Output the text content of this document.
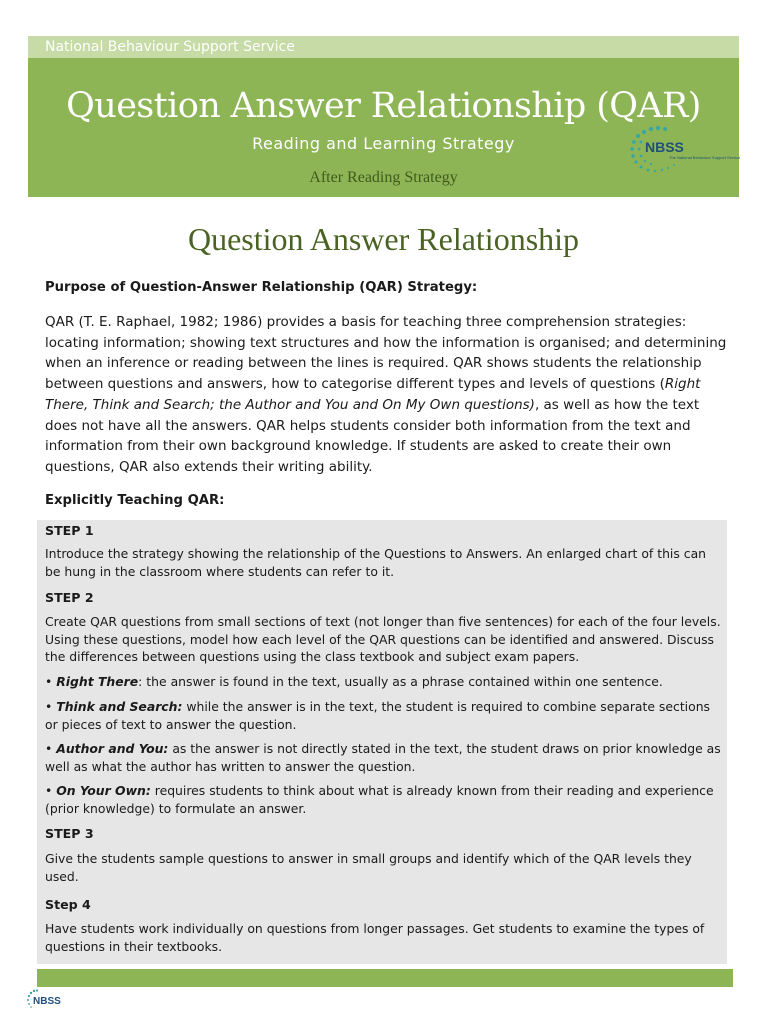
National Behaviour Support Service
Question Answer Relationship (QAR)
Reading and Learning Strategy
After Reading Strategy
NBSS
The National Behaviour Support Service
Question Answer Relationship
Purpose of Question-Answer Relationship (QAR) Strategy:
QAR (T. E. Raphael, 1982; 1986) provides a basis for teaching three comprehension strategies: locating information; showing text structures and how the information is organised; and determining when an inference or reading between the lines is required. QAR shows students the relationship between questions and answers, how to categorise different types and levels of questions (Right There, Think and Search; the Author and You and On My Own questions), as well as how the text does not have all the answers. QAR helps students consider both information from the text and information from their own background knowledge. If students are asked to create their own questions, QAR also extends their writing ability.
Explicitly Teaching QAR:
STEP 1
Introduce the strategy showing the relationship of the Questions to Answers. An enlarged chart of this can be hung in the classroom where students can refer to it.
STEP 2
Create QAR questions from small sections of text (not longer than five sentences) for each of the four levels. Using these questions, model how each level of the QAR questions can be identified and answered. Discuss the differences between questions using the class textbook and subject exam papers.
• Right There: the answer is found in the text, usually as a phrase contained within one sentence.
• Think and Search: while the answer is in the text, the student is required to combine separate sections or pieces of text to answer the question.
• Author and You: as the answer is not directly stated in the text, the student draws on prior knowledge as well as what the author has written to answer the question.
• On Your Own: requires students to think about what is already known from their reading and experience (prior knowledge) to formulate an answer.
STEP 3
Give the students sample questions to answer in small groups and identify which of the QAR levels they used.
Step 4
Have students work individually on questions from longer passages. Get students to examine the types of questions in their textbooks.
NBSS
